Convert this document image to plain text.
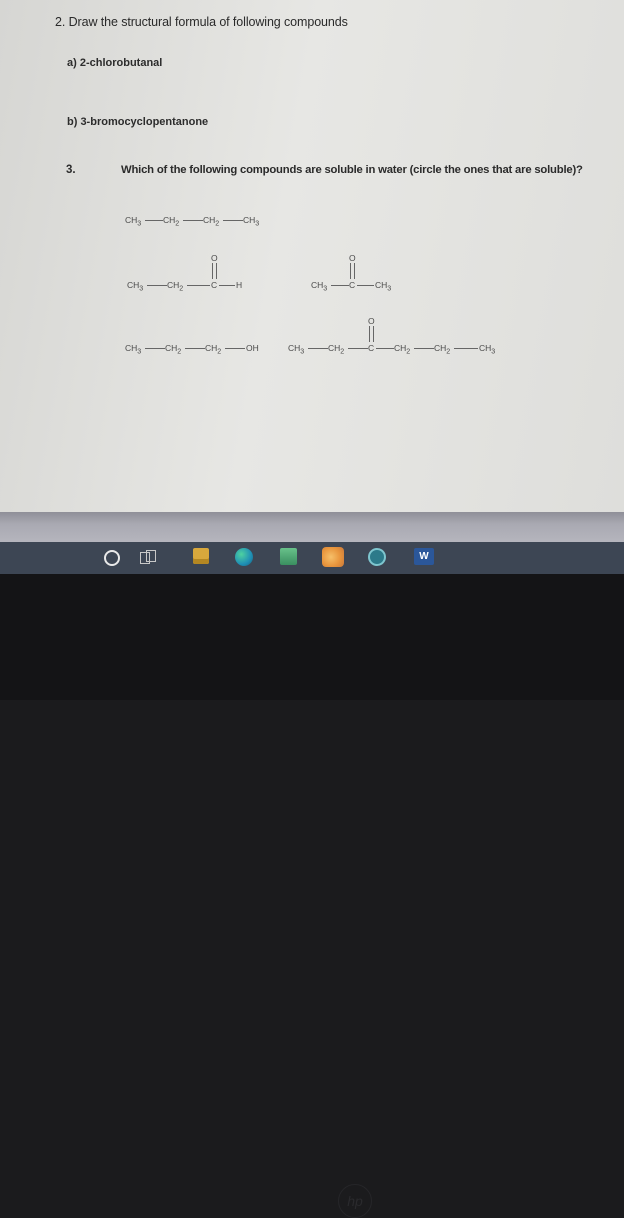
2. Draw the structural formula of following compounds
a) 2-chlorobutanal
b) 3-bromocyclopentanone
3.	Which of the following compounds are soluble in water (circle the ones that are soluble)?
$CH_3$	$CH_2$	$CH_2$	$CH_3$
O
$CH_3$	$CH_2$	C H
O
$CH_3$	C $CH_3$
$CH_3$	$CH_2$	$CH_2$	OH
O
$CH_3$	$CH_2$	C $CH_2$	$CH_2$	$CH_3$
W
hp
